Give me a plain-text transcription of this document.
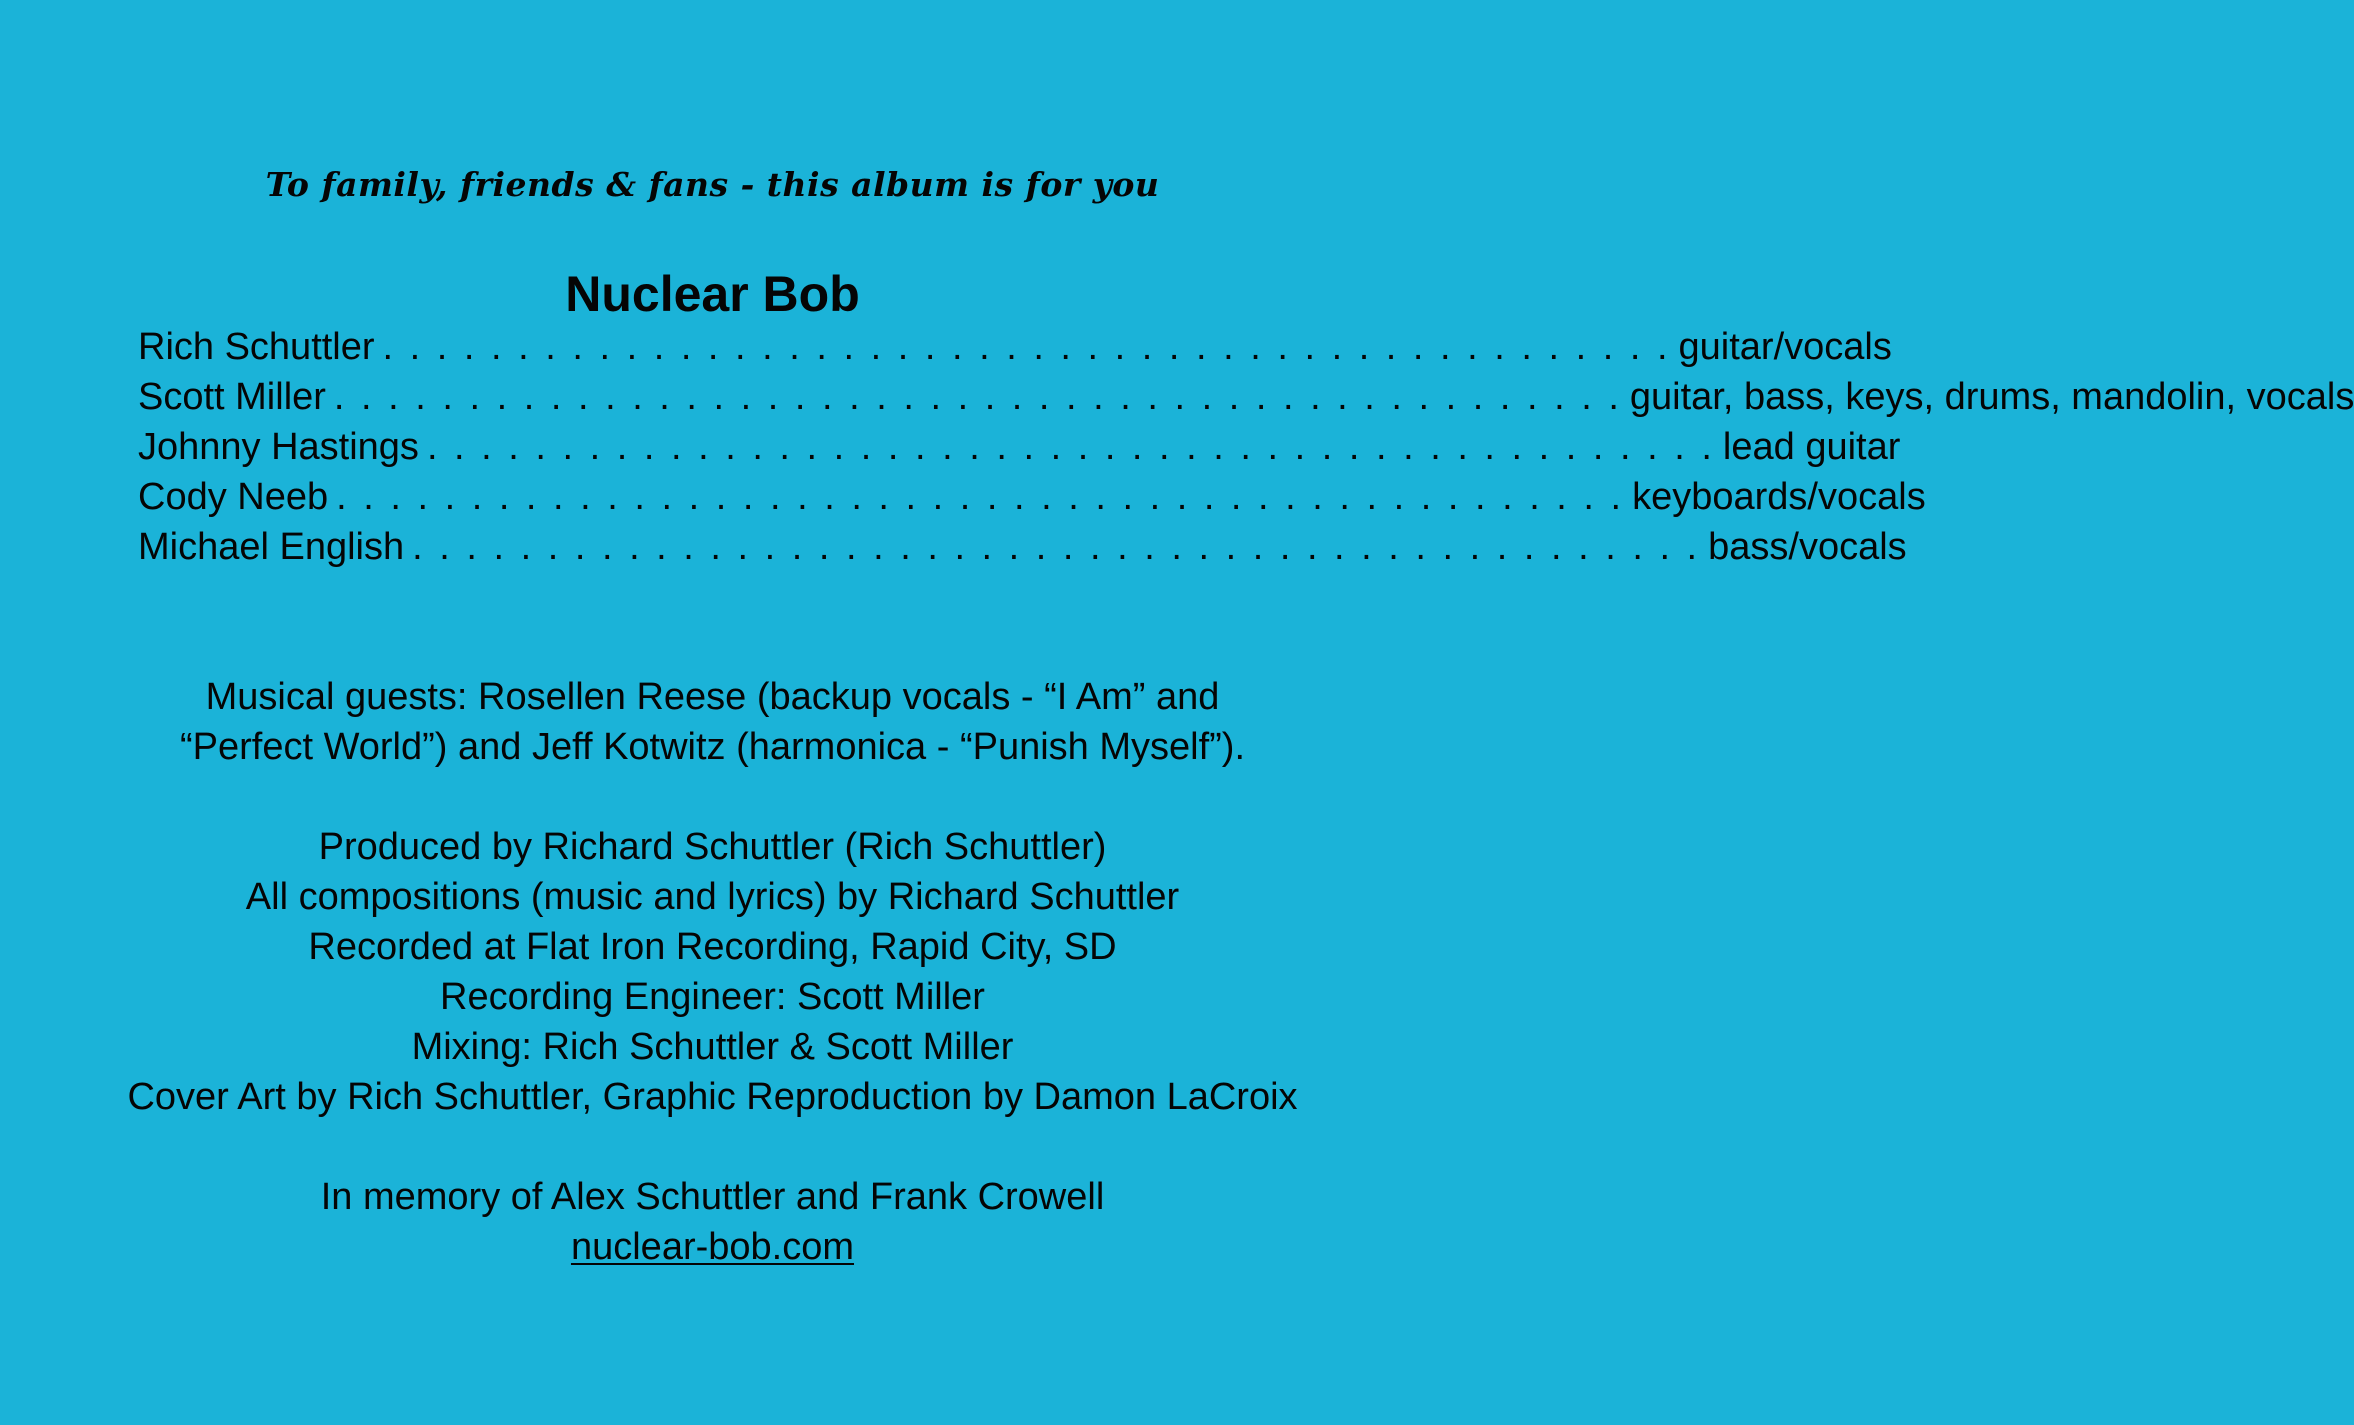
To family, friends & fans - this album is for you
Nuclear Bob
Rich Schuttler . . . . . . . . . . . . . . . . . . . . . . . . . . . . . . . . . . . . . . . . . . . . . . . . guitar/vocals
Scott Miller . . . . . . . . . . . . . . . . . . . . . . . . . . . . . . . . . . . . . . . . . . . . . . . . guitar, bass, keys, drums, mandolin, vocals
Johnny Hastings . . . . . . . . . . . . . . . . . . . . . . . . . . . . . . . . . . . . . . . . . . . . . . . . lead guitar
Cody Neeb . . . . . . . . . . . . . . . . . . . . . . . . . . . . . . . . . . . . . . . . . . . . . . . . keyboards/vocals
Michael English . . . . . . . . . . . . . . . . . . . . . . . . . . . . . . . . . . . . . . . . . . . . . . . . bass/vocals
Musical guests: Rosellen Reese (backup vocals - “I Am” and
“Perfect World”) and Jeff Kotwitz (harmonica - “Punish Myself”).
Produced by Richard Schuttler (Rich Schuttler)
All compositions (music and lyrics) by Richard Schuttler
Recorded at Flat Iron Recording, Rapid City, SD
Recording Engineer: Scott Miller
Mixing: Rich Schuttler & Scott Miller
Cover Art by Rich Schuttler, Graphic Reproduction by Damon LaCroix
In memory of Alex Schuttler and Frank Crowell
nuclear-bob.com
